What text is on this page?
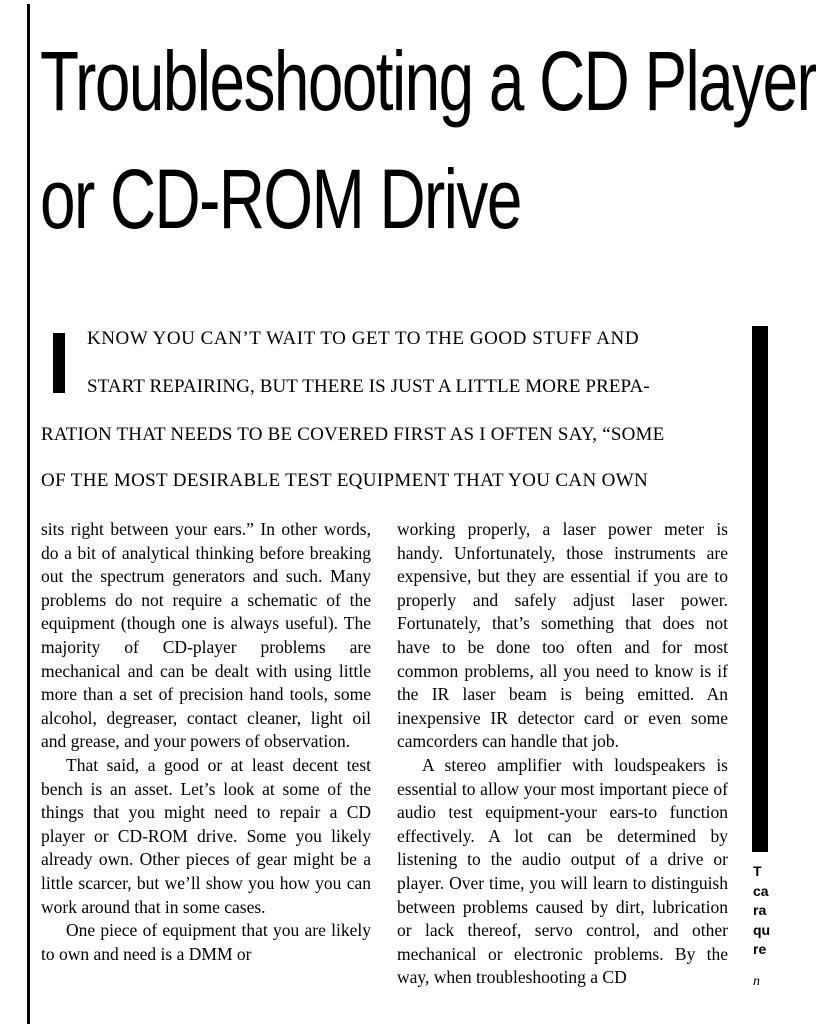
Troubleshooting a CD Player
or CD-ROM Drive
KNOW YOU CAN’T WAIT TO GET TO THE GOOD STUFF AND
START REPAIRING, BUT THERE IS JUST A LITTLE MORE PREPA-
RATION THAT NEEDS TO BE COVERED FIRST AS I OFTEN SAY, “SOME
OF THE MOST DESIRABLE TEST EQUIPMENT THAT YOU CAN OWN

sits right between your ears.” In other words, do a bit of analytical thinking before breaking out the spectrum generators and such. Many problems do not require a schematic of the equipment (though one is always useful). The majority of CD-player problems are mechanical and can be dealt with using little more than a set of precision hand tools, some alcohol, degreaser, contact cleaner, light oil and grease, and your powers of observation.

That said, a good or at least decent test bench is an asset. Let’s look at some of the things that you might need to repair a CD player or CD-ROM drive. Some you likely already own. Other pieces of gear might be a little scarcer, but we’ll show you how you can work around that in some cases.

One piece of equipment that you are likely to own and need is a DMM or

working properly, a laser power meter is handy. Unfortunately, those instruments are expensive, but they are essential if you are to properly and safely adjust laser power. Fortunately, that’s something that does not have to be done too often and for most common problems, all you need to know is if the IR laser beam is being emitted. An inexpensive IR detector card or even some camcorders can handle that job.

A stereo amplifier with loudspeakers is essential to allow your most important piece of audio test equipment-your ears-to function effectively. A lot can be determined by listening to the audio output of a drive or player. Over time, you will learn to distinguish between problems caused by dirt, lubrication or lack thereof, servo control, and other mechanical or electronic problems. By the way, when troubleshooting a CD

T
ca
ra
qu
re
n
